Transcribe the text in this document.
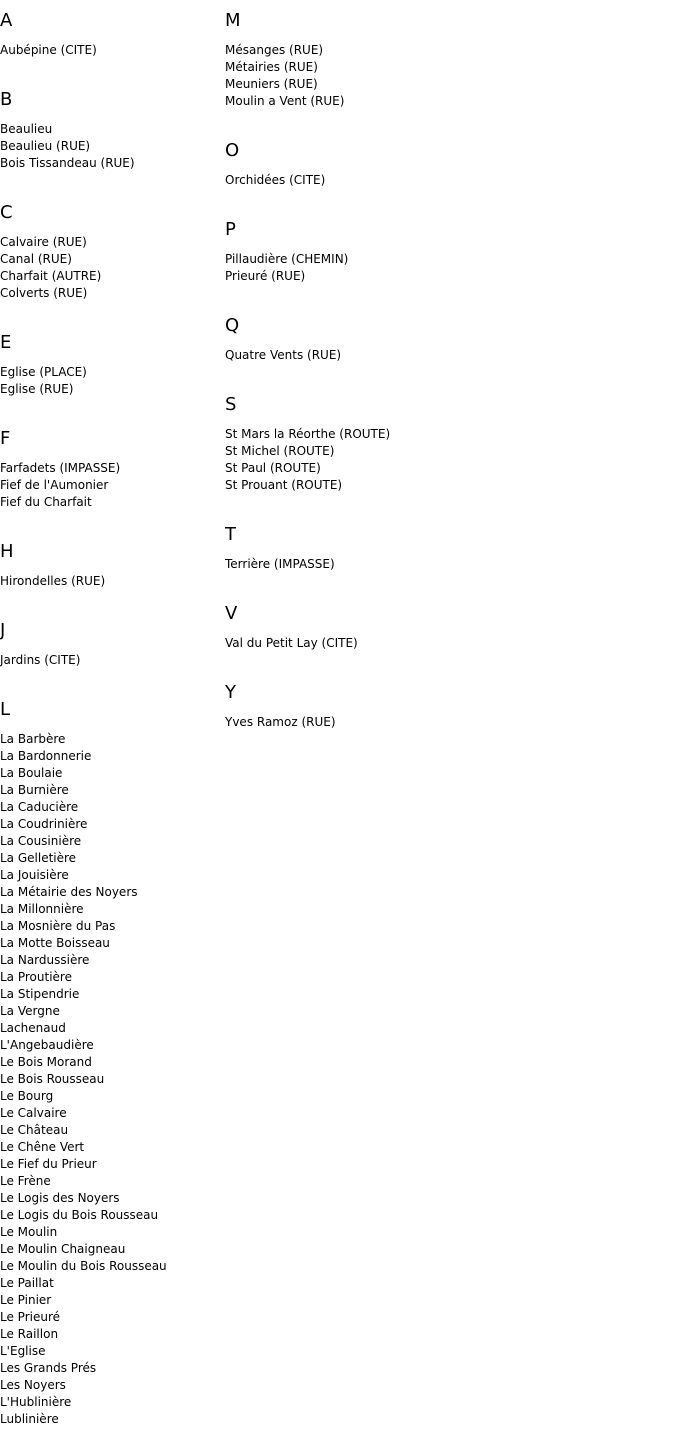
A
Aubépine (CITE)
B
Beaulieu
Beaulieu (RUE)
Bois Tissandeau (RUE)
C
Calvaire (RUE)
Canal (RUE)
Charfait (AUTRE)
Colverts (RUE)
E
Eglise (PLACE)
Eglise (RUE)
F
Farfadets (IMPASSE)
Fief de l'Aumonier
Fief du Charfait
H
Hirondelles (RUE)
J
Jardins (CITE)
L
La Barbère
La Bardonnerie
La Boulaie
La Burnière
La Caducière
La Coudrinière
La Cousinière
La Gelletière
La Jouisière
La Métairie des Noyers
La Millonnière
La Mosnière du Pas
La Motte Boisseau
La Nardussière
La Proutière
La Stipendrie
La Vergne
Lachenaud
L'Angebaudière
Le Bois Morand
Le Bois Rousseau
Le Bourg
Le Calvaire
Le Château
Le Chêne Vert
Le Fief du Prieur
Le Frène
Le Logis des Noyers
Le Logis du Bois Rousseau
Le Moulin
Le Moulin Chaigneau
Le Moulin du Bois Rousseau
Le Paillat
Le Pinier
Le Prieuré
Le Raillon
L'Eglise
Les Grands Prés
Les Noyers
L'Hublinière
Lublinière
M
Mésanges (RUE)
Métairies (RUE)
Meuniers (RUE)
Moulin a Vent (RUE)
O
Orchidées (CITE)
P
Pillaudière (CHEMIN)
Prieuré (RUE)
Q
Quatre Vents (RUE)
S
St Mars la Réorthe (ROUTE)
St Michel (ROUTE)
St Paul (ROUTE)
St Prouant (ROUTE)
T
Terrière (IMPASSE)
V
Val du Petit Lay (CITE)
Y
Yves Ramoz (RUE)
